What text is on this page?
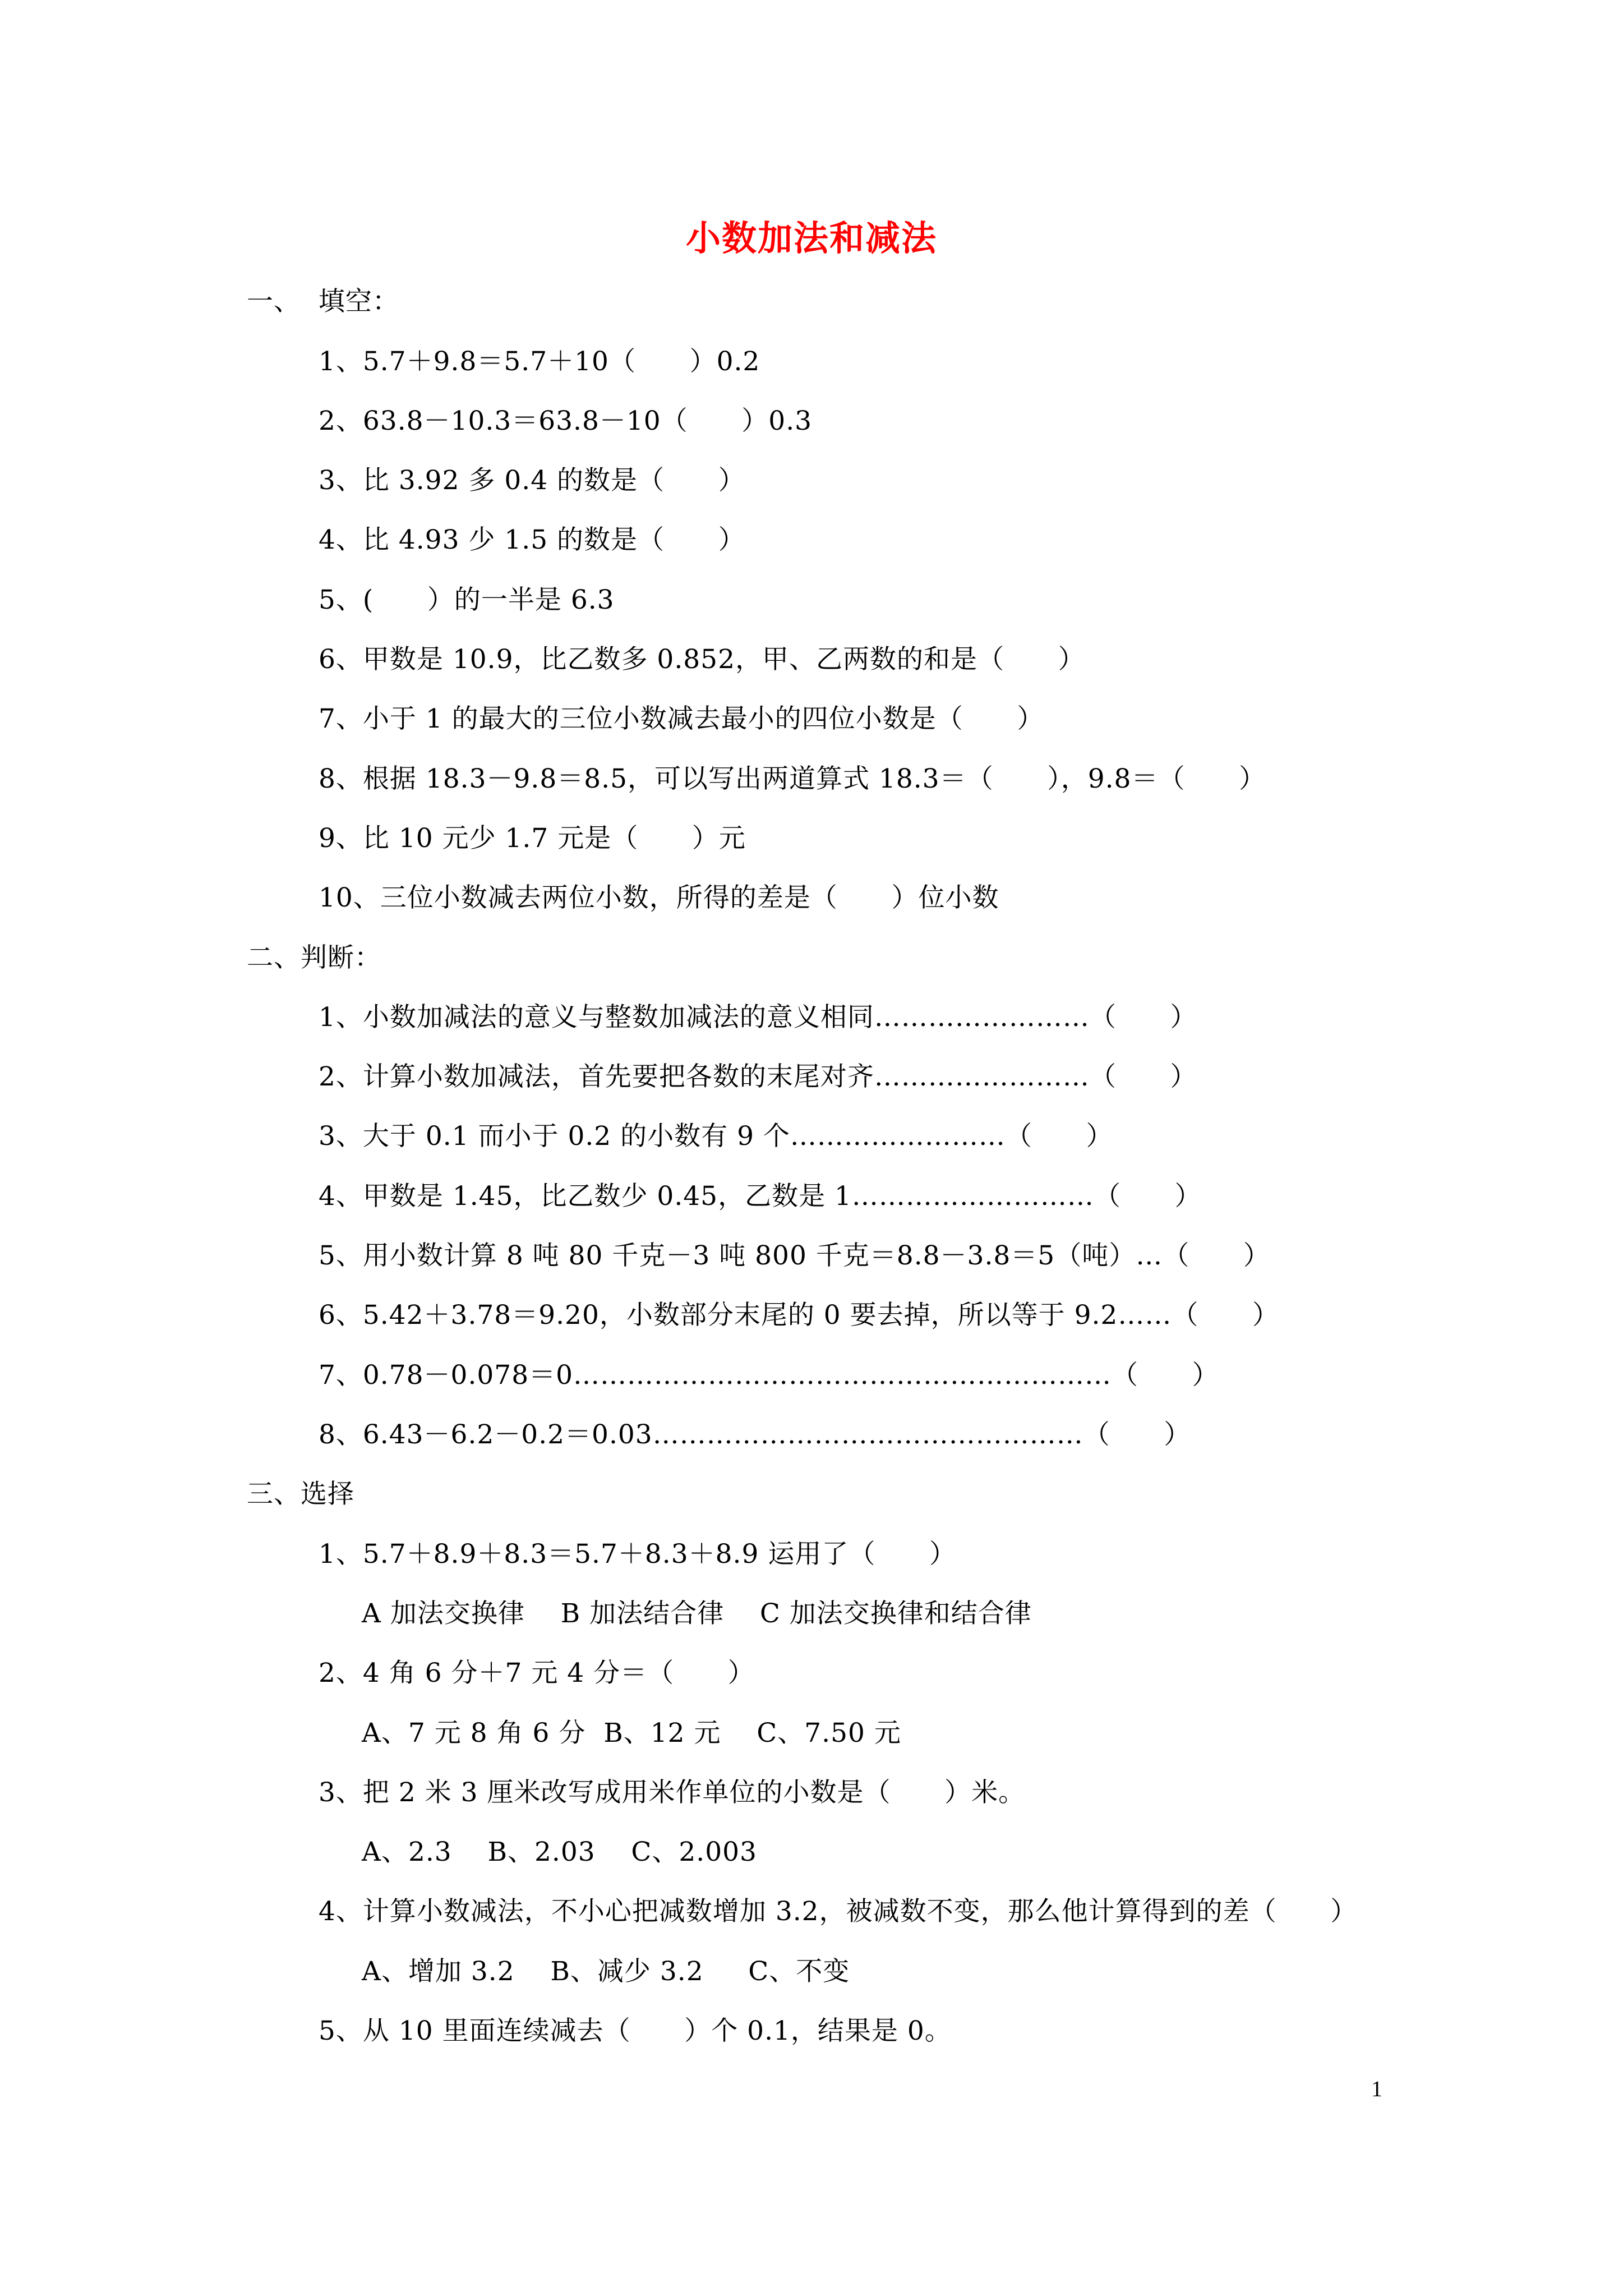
小数加法和减法
一、  填空：
1、5.7＋9.8＝5.7＋10（      ）0.2
2、63.8－10.3＝63.8－10（      ）0.3
3、比 3.92 多 0.4 的数是（      ）
4、比 4.93 少 1.5 的数是（      ）
5、(      ）的一半是 6.3
6、甲数是 10.9，比乙数多 0.852，甲、乙两数的和是（      ）
7、小于 1 的最大的三位小数减去最小的四位小数是（      ）
8、根据 18.3－9.8＝8.5，可以写出两道算式 18.3＝（      ），9.8＝（      ）
9、比 10 元少 1.7 元是（      ）元
10、三位小数减去两位小数，所得的差是（      ）位小数
二、判断：
1、小数加减法的意义与整数加减法的意义相同……………………（      ）
2、计算小数加减法，首先要把各数的末尾对齐……………………（      ）
3、大于 0.1 而小于 0.2 的小数有 9 个……………………（      ）
4、甲数是 1.45，比乙数少 0.45，乙数是 1………………………（      ）
5、用小数计算 8 吨 80 千克－3 吨 800 千克＝8.8－3.8＝5（吨）…（      ）
6、5.42＋3.78＝9.20，小数部分末尾的 0 要去掉，所以等于 9.2……（      ）
7、0.78－0.078＝0……………………………………………………（      ）
8、6.43－6.2－0.2＝0.03…………………………………………（      ）
三、选择
1、5.7＋8.9＋8.3＝5.7＋8.3＋8.9 运用了（      ）
A 加法交换律    B 加法结合律    C 加法交换律和结合律
2、4 角 6 分＋7 元 4 分＝（      ）
A、7 元 8 角 6 分  B、12 元    C、7.50 元
3、把 2 米 3 厘米改写成用米作单位的小数是（      ）米。
A、2.3    B、2.03    C、2.003
4、计算小数减法，不小心把减数增加 3.2，被减数不变，那么他计算得到的差（      ）
A、增加 3.2    B、减少 3.2     C、不变
5、从 10 里面连续减去（      ）个 0.1，结果是 0。
1
